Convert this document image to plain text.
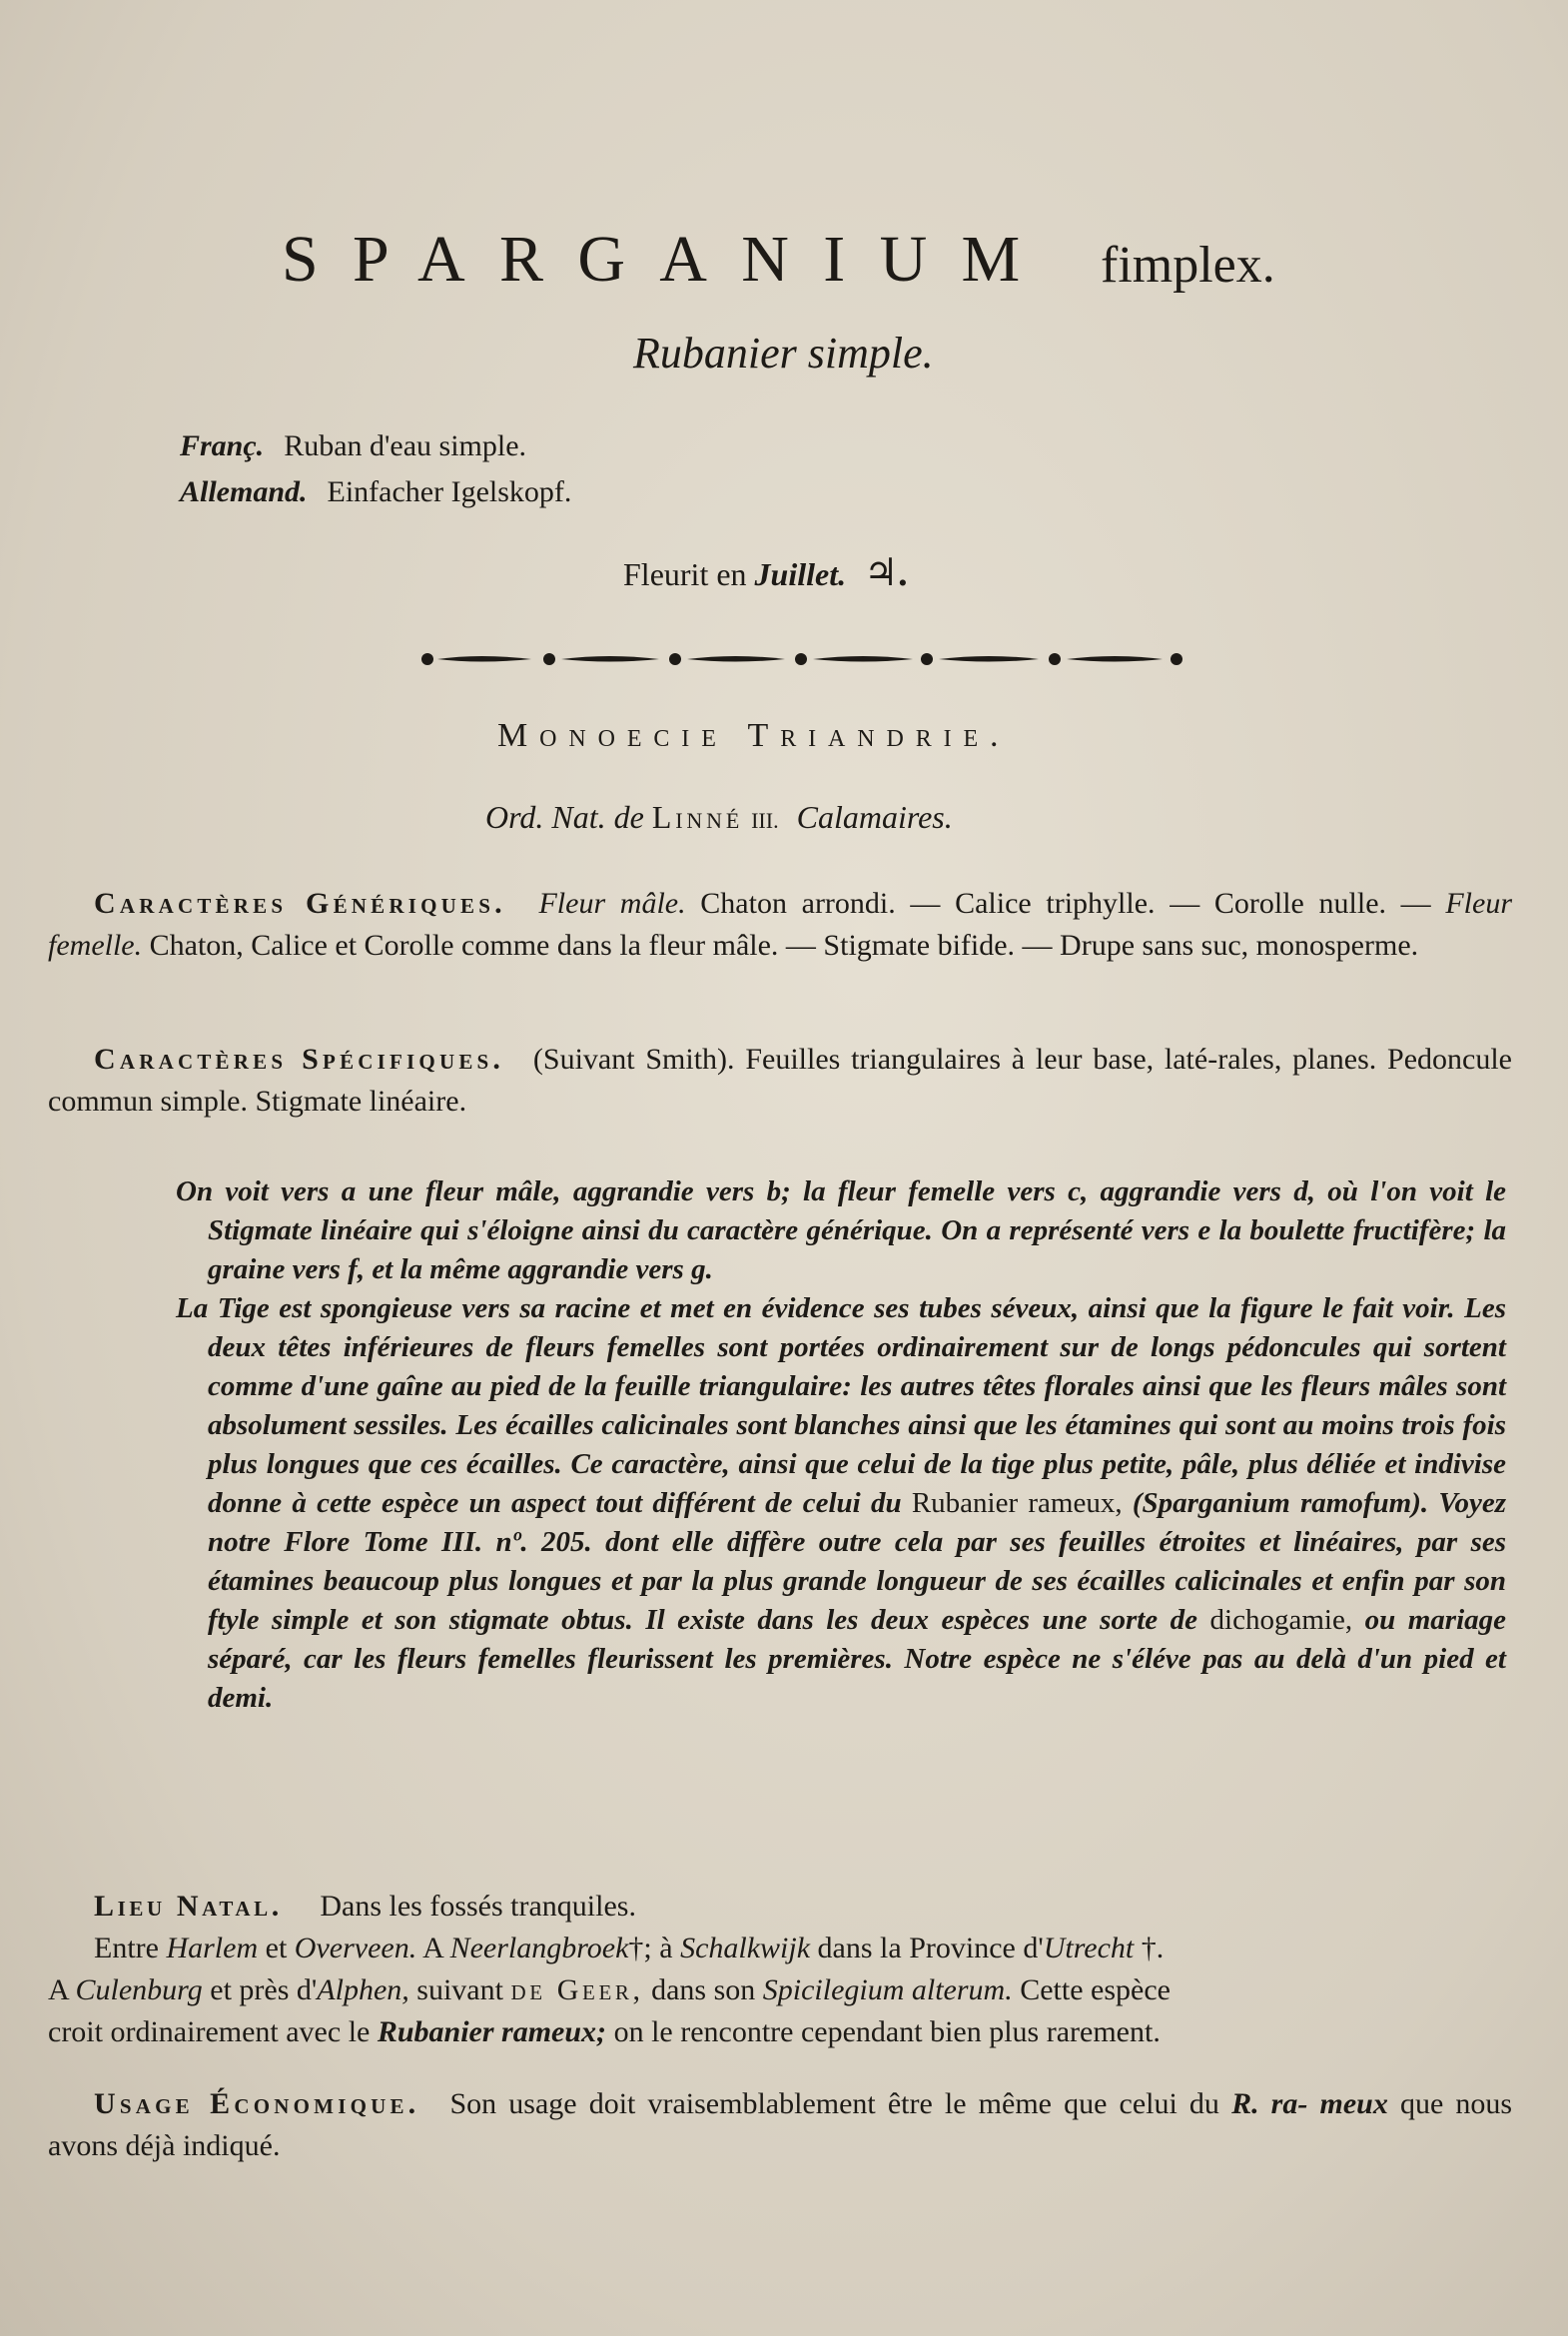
SPARGANIUM fimplex.
Rubanier simple.
Franç. Ruban d'eau simple.
Allemand. Einfacher Igelskopf.
Fleurit en Juillet. ♃.
Monoecie Triandrie.
Ord. Nat. de Linné III. Calamaires.
Caractères Génériques. Fleur mâle. Chaton arrondi. — Calice triphylle. — Corolle nulle. — Fleur femelle. Chaton, Calice et Corolle comme dans la fleur mâle. — Stigmate bifide. — Drupe sans suc, monosperme.
Caractères Spécifiques. (Suivant Smith). Feuilles triangulaires à leur base, laté-rales, planes. Pedoncule commun simple. Stigmate linéaire.

On voit vers a une fleur mâle, aggrandie vers b; la fleur femelle vers c, aggrandie vers d, où l'on voit le Stigmate linéaire qui s'éloigne ainsi du caractère générique. On a représenté vers e la boulette fructifère; la graine vers f, et la même aggrandie vers g.

La Tige est spongieuse vers sa racine et met en évidence ses tubes séveux, ainsi que la figure le fait voir. Les deux têtes inférieures de fleurs femelles sont portées ordinairement sur de longs pédoncules qui sortent comme d'une gaîne au pied de la feuille triangulaire: les autres têtes florales ainsi que les fleurs mâles sont absolument sessiles. Les écailles calicinales sont blanches ainsi que les étamines qui sont au moins trois fois plus longues que ces écailles. Ce caractère, ainsi que celui de la tige plus petite, pâle, plus déliée et indivise donne à cette espèce un aspect tout différent de celui du Rubanier rameux, (Sparganium ramofum). Voyez notre Flore Tome III. nº. 205. dont elle diffère outre cela par ses feuilles étroites et linéaires, par ses étamines beaucoup plus longues et par la plus grande longueur de ses écailles calicinales et enfin par son ftyle simple et son stigmate obtus. Il existe dans les deux espèces une sorte de dichogamie, ou mariage séparé, car les fleurs femelles fleurissent les premières. Notre espèce ne s'éléve pas au delà d'un pied et demi.

Lieu Natal. Dans les fossés tranquiles.
Entre Harlem et Overveen. A Neerlangbroek†; à Schalkwijk dans la Province d'Utrecht †.
A Culenburg et près d'Alphen, suivant de Geer, dans son Spicilegium alterum. Cette espèce
croit ordinairement avec le Rubanier rameux; on le rencontre cependant bien plus rarement.
Usage Économique. Son usage doit vraisemblablement être le même que celui du R. ra- meux que nous avons déjà indiqué.
